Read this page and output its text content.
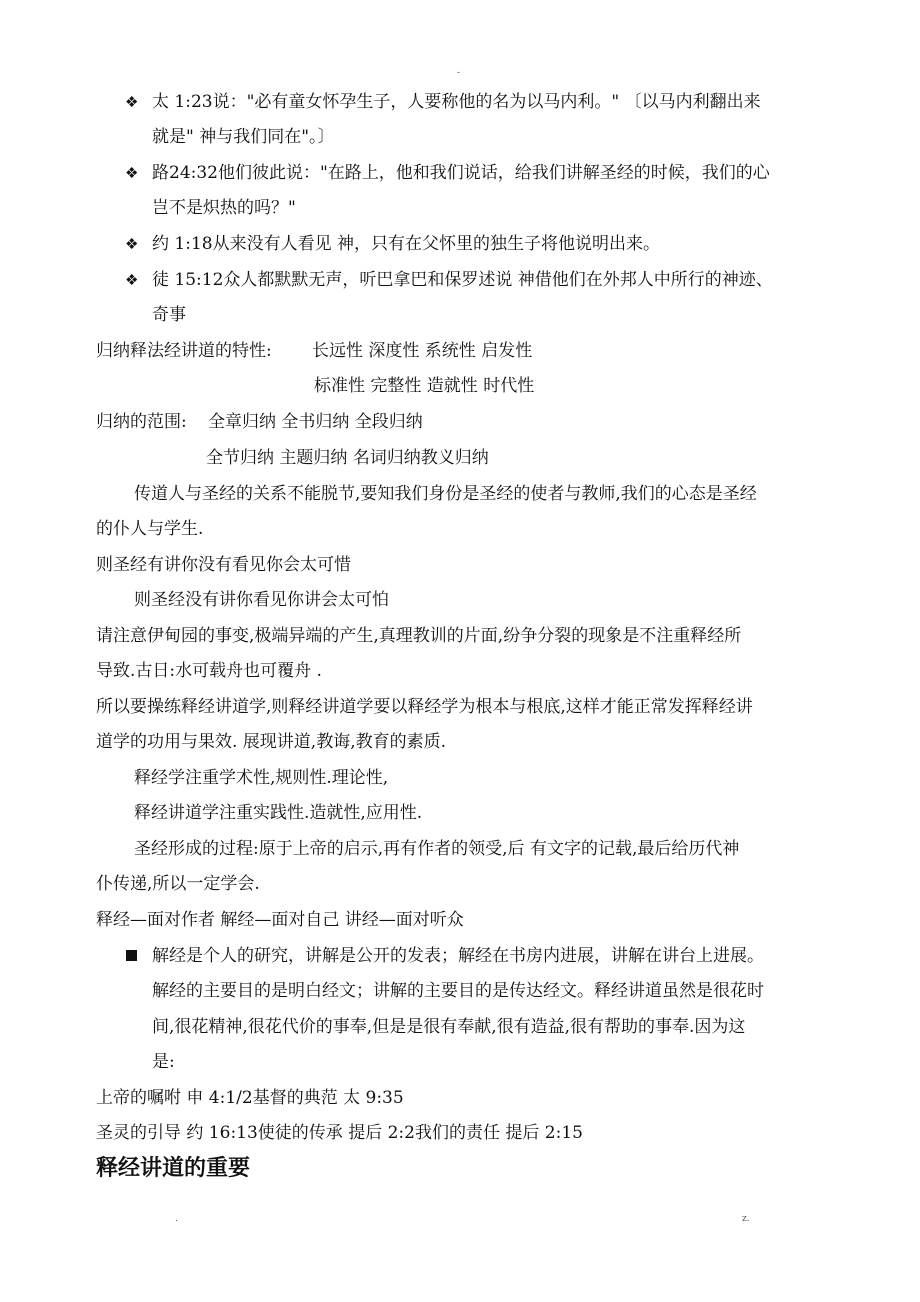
-
❖ 太 1:23说："必有童女怀孕生子，人要称他的名为以马内利。" 〔以马内利翻出来
就是" 神与我们同在"。〕
❖ 路24:32他们彼此说："在路上，他和我们说话，给我们讲解圣经的时候，我们的心
岂不是炽热的吗？"
❖ 约 1:18从来没有人看见 神，只有在父怀里的独生子将他说明出来。
❖ 徒 15:12众人都默默无声，听巴拿巴和保罗述说 神借他们在外邦人中所行的神迹、
奇事
归纳释法经讲道的特性: 长远性 深度性 系统性 启发性
标准性 完整性 造就性 时代性
归纳的范围: 全章归纳 全书归纳 全段归纳
全节归纳 主题归纳 名词归纳教义归纳
传道人与圣经的关系不能脱节,要知我们身份是圣经的使者与教师,我们的心态是圣经
的仆人与学生.
则圣经有讲你没有看见你会太可惜
则圣经没有讲你看见你讲会太可怕
请注意伊甸园的事变,极端异端的产生,真理教训的片面,纷争分裂的现象是不注重释经所
导致.古日:水可载舟也可覆舟 .
所以要操练释经讲道学,则释经讲道学要以释经学为根本与根底,这样才能正常发挥释经讲
道学的功用与果效. 展现讲道,教诲,教育的素质.
释经学注重学术性,规则性.理论性,
释经讲道学注重实践性.造就性,应用性.
圣经形成的过程:原于上帝的启示,再有作者的领受,后 有文字的记载,最后给历代神
仆传递,所以一定学会.
释经—面对作者 解经—面对自己 讲经—面对听众
解经是个人的研究，讲解是公开的发表；解经在书房内进展，讲解在讲台上进展。
解经的主要目的是明白经文；讲解的主要目的是传达经文。释经讲道虽然是很花时
间,很花精神,很花代价的事奉,但是是很有奉献,很有造益,很有帮助的事奉.因为这
是:
上帝的嘱咐 申 4:1/2基督的典范 太 9:35
圣灵的引导 约 16:13使徒的传承 提后 2:2我们的责任 提后 2:15
释经讲道的重要
.	z.
